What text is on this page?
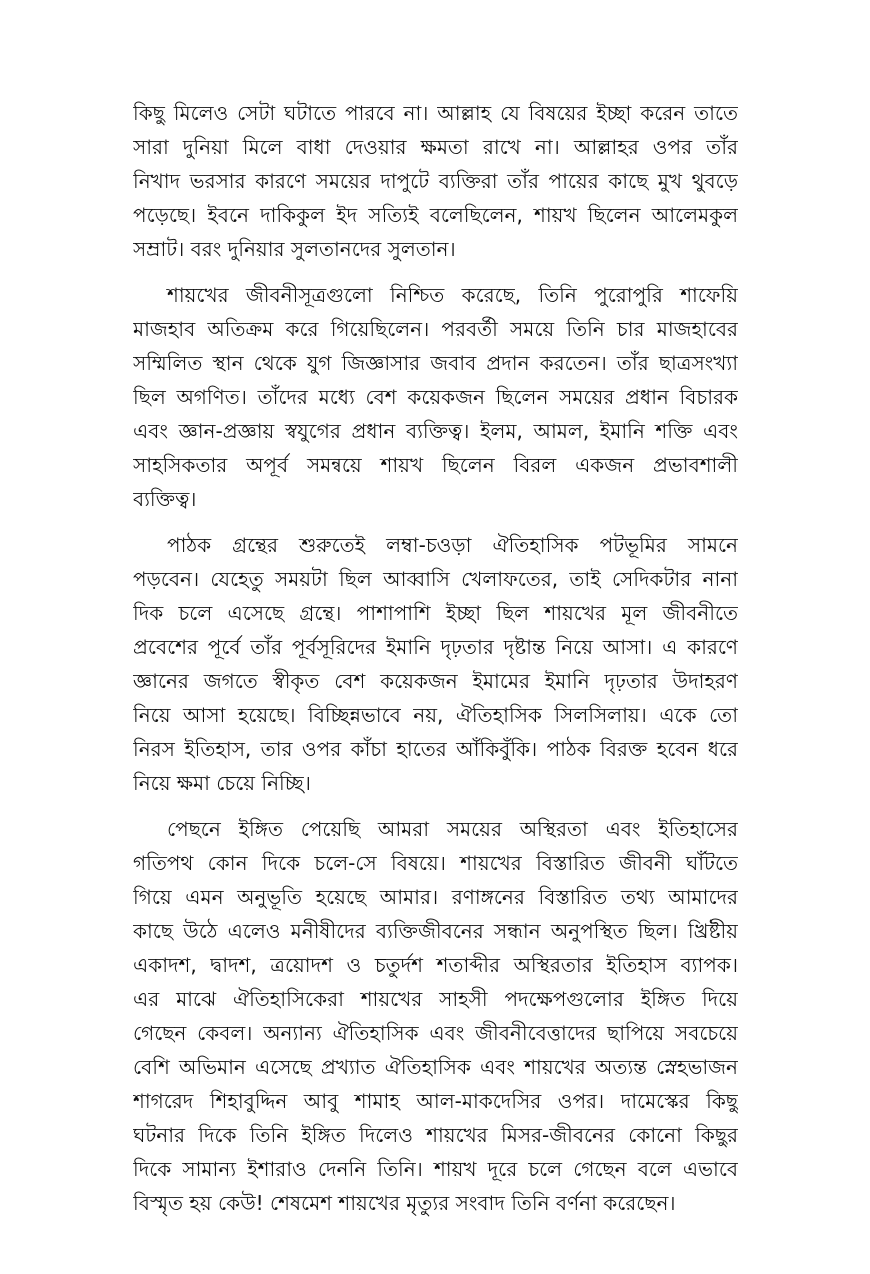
কিছু মিলেও সেটা ঘটাতে পারবে না। আল্লাহ যে বিষয়ের ইচ্ছা করেন তাতে
সারা দুনিয়া মিলে বাধা দেওয়ার ক্ষমতা রাখে না। আল্লাহর ওপর তাঁর
নিখাদ ভরসার কারণে সময়ের দাপুটে ব্যক্তিরা তাঁর পায়ের কাছে মুখ থুবড়ে
পড়েছে। ইবনে দাকিকুল ইদ সত্যিই বলেছিলেন, শায়খ ছিলেন আলেমকুল
সম্রাট। বরং দুনিয়ার সুলতানদের সুলতান।
শায়খের জীবনীসূত্রগুলো নিশ্চিত করেছে, তিনি পুরোপুরি শাফেয়ি
মাজহাব অতিক্রম করে গিয়েছিলেন। পরবর্তী সময়ে তিনি চার মাজহাবের
সম্মিলিত স্থান থেকে যুগ জিজ্ঞাসার জবাব প্রদান করতেন। তাঁর ছাত্রসংখ্যা
ছিল অগণিত। তাঁদের মধ্যে বেশ কয়েকজন ছিলেন সময়ের প্রধান বিচারক
এবং জ্ঞান-প্রজ্ঞায় স্বযুগের প্রধান ব্যক্তিত্ব। ইলম, আমল, ইমানি শক্তি এবং
সাহসিকতার অপূর্ব সমন্বয়ে শায়খ ছিলেন বিরল একজন প্রভাবশালী
ব্যক্তিত্ব।
পাঠক গ্রন্থের শুরুতেই লম্বা-চওড়া ঐতিহাসিক পটভূমির সামনে
পড়বেন। যেহেতু সময়টা ছিল আব্বাসি খেলাফতের, তাই সেদিকটার নানা
দিক চলে এসেছে গ্রন্থে। পাশাপাশি ইচ্ছা ছিল শায়খের মূল জীবনীতে
প্রবেশের পূর্বে তাঁর পূর্বসূরিদের ইমানি দৃঢ়তার দৃষ্টান্ত নিয়ে আসা। এ কারণে
জ্ঞানের জগতে স্বীকৃত বেশ কয়েকজন ইমামের ইমানি দৃঢ়তার উদাহরণ
নিয়ে আসা হয়েছে। বিচ্ছিন্নভাবে নয়, ঐতিহাসিক সিলসিলায়। একে তো
নিরস ইতিহাস, তার ওপর কাঁচা হাতের আঁকিবুঁকি। পাঠক বিরক্ত হবেন ধরে
নিয়ে ক্ষমা চেয়ে নিচ্ছি।
পেছনে ইঙ্গিত পেয়েছি আমরা সময়ের অস্থিরতা এবং ইতিহাসের
গতিপথ কোন দিকে চলে-সে বিষয়ে। শায়খের বিস্তারিত জীবনী ঘাঁটতে
গিয়ে এমন অনুভূতি হয়েছে আমার। রণাঙ্গনের বিস্তারিত তথ্য আমাদের
কাছে উঠে এলেও মনীষীদের ব্যক্তিজীবনের সন্ধান অনুপস্থিত ছিল। খ্রিষ্টীয়
একাদশ, দ্বাদশ, ত্রয়োদশ ও চতুর্দশ শতাব্দীর অস্থিরতার ইতিহাস ব্যাপক।
এর মাঝে ঐতিহাসিকেরা শায়খের সাহসী পদক্ষেপগুলোর ইঙ্গিত দিয়ে
গেছেন কেবল। অন্যান্য ঐতিহাসিক এবং জীবনীবেত্তাদের ছাপিয়ে সবচেয়ে
বেশি অভিমান এসেছে প্রখ্যাত ঐতিহাসিক এবং শায়খের অত্যন্ত স্নেহভাজন
শাগরেদ শিহাবুদ্দিন আবু শামাহ আল-মাকদেসির ওপর। দামেস্কের কিছু
ঘটনার দিকে তিনি ইঙ্গিত দিলেও শায়খের মিসর-জীবনের কোনো কিছুর
দিকে সামান্য ইশারাও দেননি তিনি। শায়খ দূরে চলে গেছেন বলে এভাবে
বিস্মৃত হয় কেউ! শেষমেশ শায়খের মৃত্যুর সংবাদ তিনি বর্ণনা করেছেন।
